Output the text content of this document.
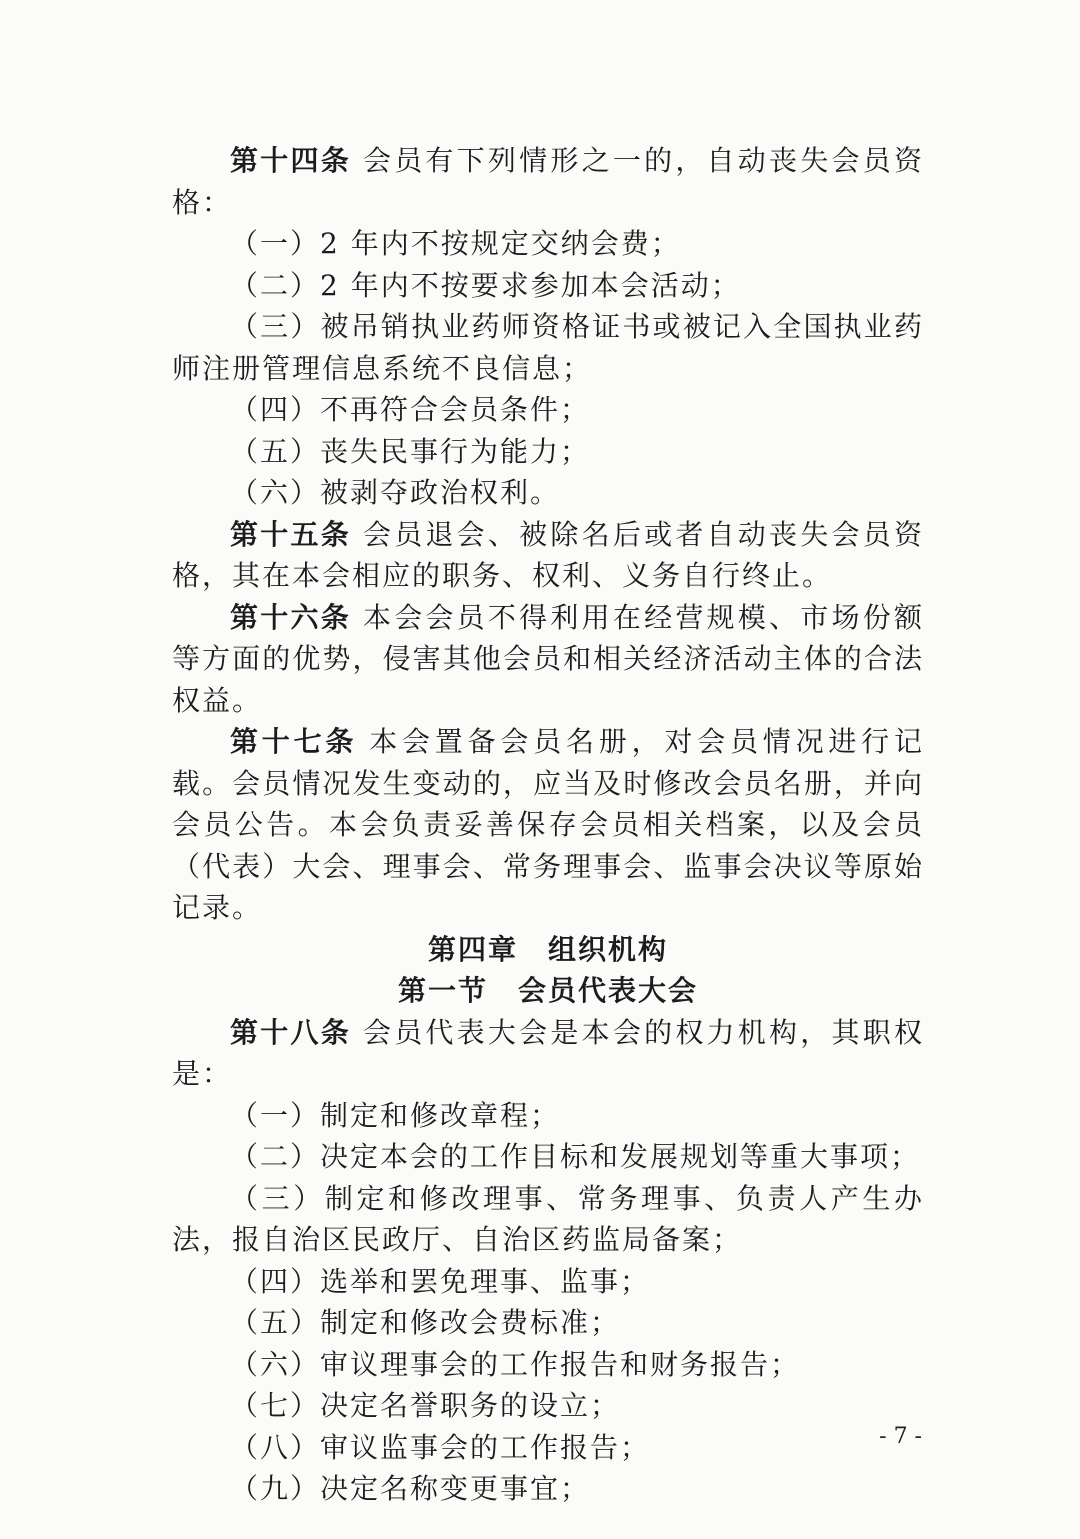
第十四条 会员有下列情形之一的，自动丧失会员资格：

（一）2 年内不按规定交纳会费；

（二）2 年内不按要求参加本会活动；

（三）被吊销执业药师资格证书或被记入全国执业药师注册管理信息系统不良信息；

（四）不再符合会员条件；

（五）丧失民事行为能力；

（六）被剥夺政治权利。

第十五条 会员退会、被除名后或者自动丧失会员资格，其在本会相应的职务、权利、义务自行终止。

第十六条 本会会员不得利用在经营规模、市场份额等方面的优势，侵害其他会员和相关经济活动主体的合法权益。

第十七条 本会置备会员名册，对会员情况进行记载。会员情况发生变动的，应当及时修改会员名册，并向会员公告。本会负责妥善保存会员相关档案，以及会员（代表）大会、理事会、常务理事会、监事会决议等原始记录。

第四章　组织机构

第一节　会员代表大会

第十八条 会员代表大会是本会的权力机构，其职权是：

（一）制定和修改章程；

（二）决定本会的工作目标和发展规划等重大事项；

（三）制定和修改理事、常务理事、负责人产生办法，报自治区民政厅、自治区药监局备案；

（四）选举和罢免理事、监事；

（五）制定和修改会费标准；

（六）审议理事会的工作报告和财务报告；

（七）决定名誉职务的设立；

（八）审议监事会的工作报告；

（九）决定名称变更事宜；

- 7 -
